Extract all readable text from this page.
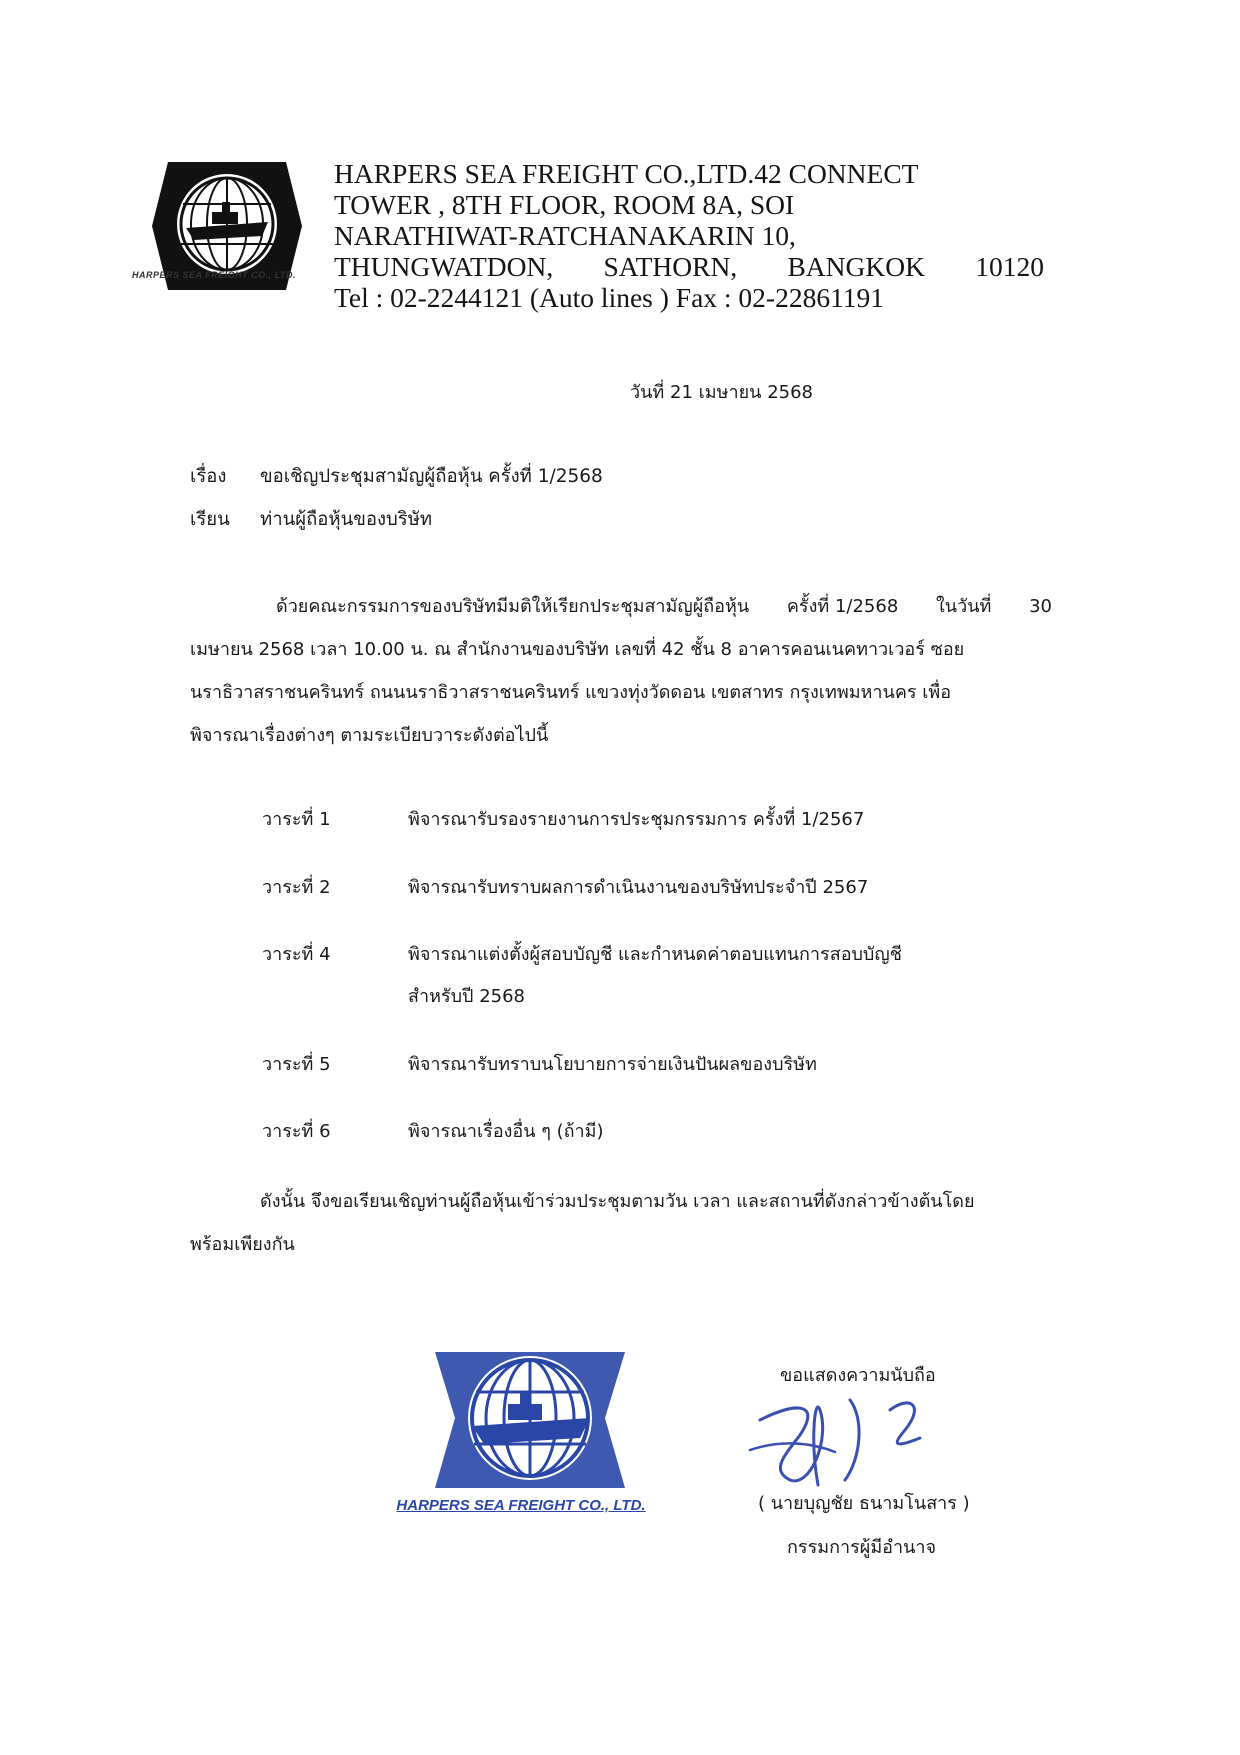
HARPERS SEA FREIGHT CO., LTD.
HARPERS SEA FREIGHT CO.,LTD.42 CONNECT
TOWER , 8TH FLOOR, ROOM 8A, SOI
NARATHIWAT-RATCHANAKARIN 10,
THUNGWATDON, SATHORN, BANGKOK 10120
Tel : 02-2244121 (Auto lines ) Fax : 02-22861191
วันที่ 21 เมษายน 2568
เรื่อง ขอเชิญประชุมสามัญผู้ถือหุ้น ครั้งที่ 1/2568
เรียน ท่านผู้ถือหุ้นของบริษัท
ด้วยคณะกรรมการของบริษัทมีมติให้เรียกประชุมสามัญผู้ถือหุ้น ครั้งที่ 1/2568 ในวันที่ 30
เมษายน 2568 เวลา 10.00 น. ณ สำนักงานของบริษัท เลขที่ 42 ชั้น 8 อาคารคอนเนคทาวเวอร์ ซอย
นราธิวาสราชนครินทร์ ถนนนราธิวาสราชนครินทร์ แขวงทุ่งวัดดอน เขตสาทร กรุงเทพมหานคร เพื่อ
พิจารณาเรื่องต่างๆ ตามระเบียบวาระดังต่อไปนี้
วาระที่ 1	พิจารณารับรองรายงานการประชุมกรรมการ ครั้งที่ 1/2567
วาระที่ 2	พิจารณารับทราบผลการดำเนินงานของบริษัทประจำปี 2567
วาระที่ 4	พิจารณาแต่งตั้งผู้สอบบัญชี และกำหนดค่าตอบแทนการสอบบัญชี
สำหรับปี 2568
วาระที่ 5	พิจารณารับทราบนโยบายการจ่ายเงินปันผลของบริษัท
วาระที่ 6	พิจารณาเรื่องอื่น ๆ (ถ้ามี)
ดังนั้น จึงขอเรียนเชิญท่านผู้ถือหุ้นเข้าร่วมประชุมตามวัน เวลา และสถานที่ดังกล่าวข้างต้นโดย
พร้อมเพียงกัน
HARPERS SEA FREIGHT CO., LTD.
ขอแสดงความนับถือ
( นายบุญชัย ธนามโนสาร )
กรรมการผู้มีอำนาจ
